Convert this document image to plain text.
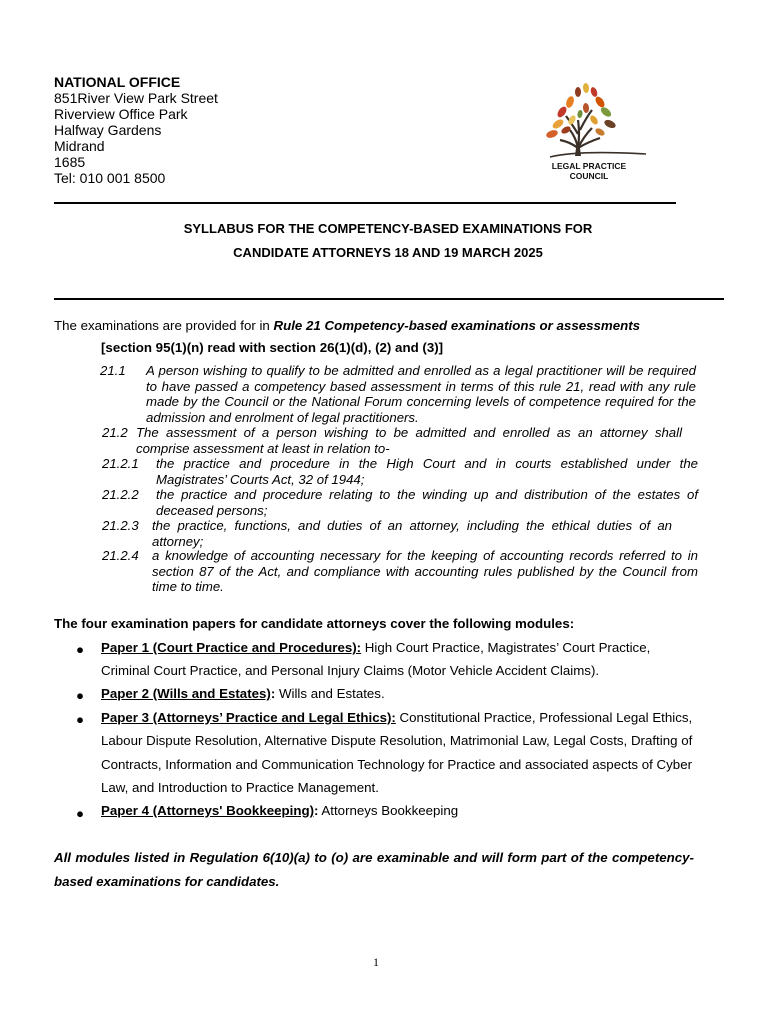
NATIONAL OFFICE
851River View Park Street
Riverview Office Park
Halfway Gardens
Midrand
1685
Tel: 010 001 8500
LEGAL PRACTICE
COUNCIL
SYLLABUS FOR THE COMPETENCY-BASED EXAMINATIONS FOR
CANDIDATE ATTORNEYS 18 AND 19 MARCH 2025
The examinations are provided for in Rule 21 Competency-based examinations or assessments
[section 95(1)(n) read with section 26(1)(d), (2) and (3)]
21.1 A person wishing to qualify to be admitted and enrolled as a legal practitioner will be required to have passed a competency based assessment in terms of this rule 21, read with any rule made by the Council or the National Forum concerning levels of competence required for the admission and enrolment of legal practitioners.
21.2 The assessment of a person wishing to be admitted and enrolled as an attorney shall comprise assessment at least in relation to-
21.2.1 the practice and procedure in the High Court and in courts established under the Magistrates’ Courts Act, 32 of 1944;
21.2.2 the practice and procedure relating to the winding up and distribution of the estates of deceased persons;
21.2.3 the practice, functions, and duties of an attorney, including the ethical duties of an attorney;
21.2.4 a knowledge of accounting necessary for the keeping of accounting records referred to in section 87 of the Act, and compliance with accounting rules published by the Council from time to time.
The four examination papers for candidate attorneys cover the following modules:
● Paper 1 (Court Practice and Procedures): High Court Practice, Magistrates’ Court Practice, Criminal Court Practice, and Personal Injury Claims (Motor Vehicle Accident Claims).
● Paper 2 (Wills and Estates): Wills and Estates.
● Paper 3 (Attorneys’ Practice and Legal Ethics): Constitutional Practice, Professional Legal Ethics, Labour Dispute Resolution, Alternative Dispute Resolution, Matrimonial Law, Legal Costs, Drafting of Contracts, Information and Communication Technology for Practice and associated aspects of Cyber Law, and Introduction to Practice Management.
● Paper 4 (Attorneys' Bookkeeping): Attorneys Bookkeeping
All modules listed in Regulation 6(10)(a) to (o) are examinable and will form part of the competency-based examinations for candidates.
1
